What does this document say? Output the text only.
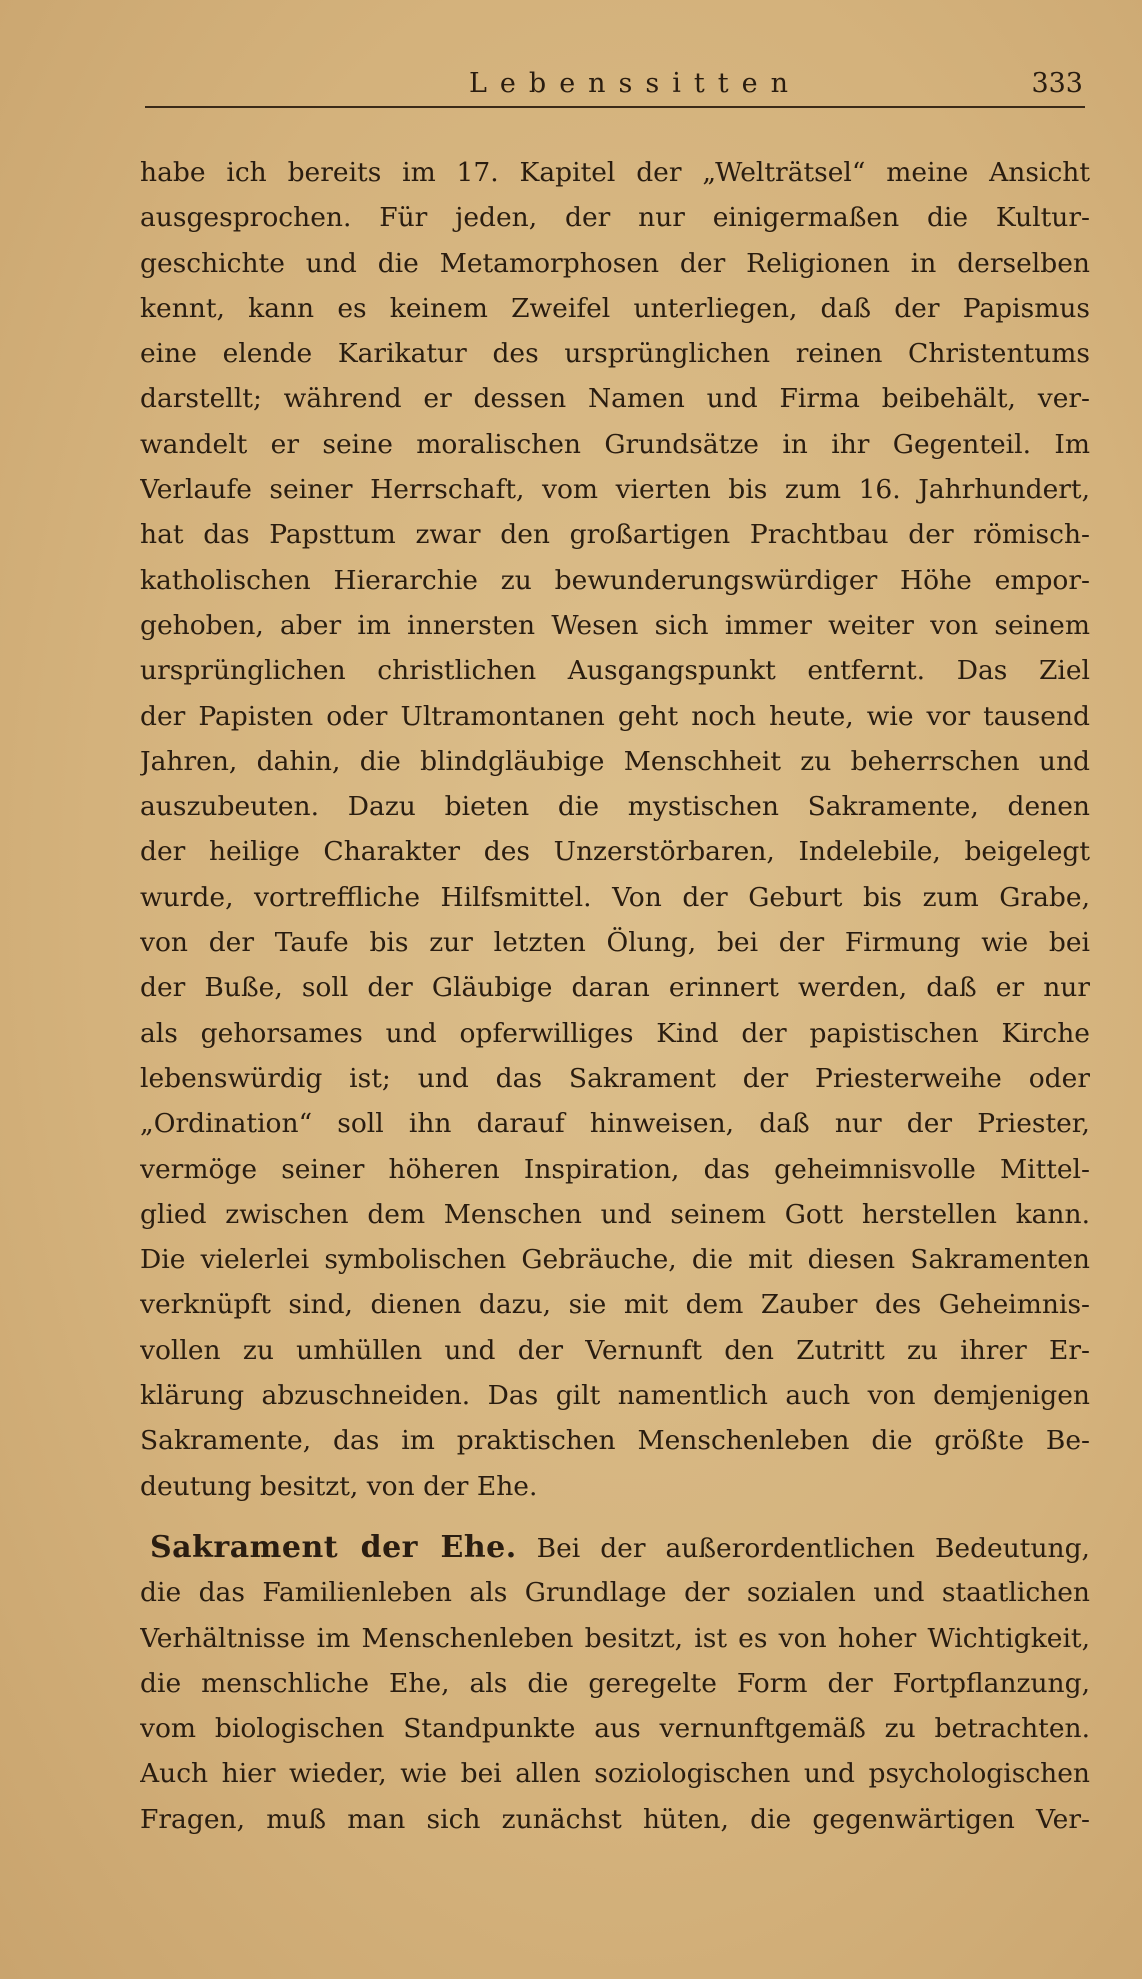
Lebenssitten	333
habe ich bereits im 17. Kapitel der „Welträtsel“ meine Ansicht
ausgesprochen. Für jeden, der nur einigermaßen die Kultur-
geschichte und die Metamorphosen der Religionen in derselben
kennt, kann es keinem Zweifel unterliegen, daß der Papismus
eine elende Karikatur des ursprünglichen reinen Christentums
darstellt; während er dessen Namen und Firma beibehält, ver-
wandelt er seine moralischen Grundsätze in ihr Gegenteil. Im
Verlaufe seiner Herrschaft, vom vierten bis zum 16. Jahrhundert,
hat das Papsttum zwar den großartigen Prachtbau der römisch-
katholischen Hierarchie zu bewunderungswürdiger Höhe empor-
gehoben, aber im innersten Wesen sich immer weiter von seinem
ursprünglichen christlichen Ausgangspunkt entfernt. Das Ziel
der Papisten oder Ultramontanen geht noch heute, wie vor tausend
Jahren, dahin, die blindgläubige Menschheit zu beherrschen und
auszubeuten. Dazu bieten die mystischen Sakramente, denen
der heilige Charakter des Unzerstörbaren, Indelebile, beigelegt
wurde, vortreffliche Hilfsmittel. Von der Geburt bis zum Grabe,
von der Taufe bis zur letzten Ölung, bei der Firmung wie bei
der Buße, soll der Gläubige daran erinnert werden, daß er nur
als gehorsames und opferwilliges Kind der papistischen Kirche
lebenswürdig ist; und das Sakrament der Priesterweihe oder
„Ordination“ soll ihn darauf hinweisen, daß nur der Priester,
vermöge seiner höheren Inspiration, das geheimnisvolle Mittel-
glied zwischen dem Menschen und seinem Gott herstellen kann.
Die vielerlei symbolischen Gebräuche, die mit diesen Sakramenten
verknüpft sind, dienen dazu, sie mit dem Zauber des Geheimnis-
vollen zu umhüllen und der Vernunft den Zutritt zu ihrer Er-
klärung abzuschneiden. Das gilt namentlich auch von demjenigen
Sakramente, das im praktischen Menschenleben die größte Be-
deutung besitzt, von der Ehe.
Sakrament der Ehe. Bei der außerordentlichen Bedeutung,
die das Familienleben als Grundlage der sozialen und staatlichen
Verhältnisse im Menschenleben besitzt, ist es von hoher Wichtigkeit,
die menschliche Ehe, als die geregelte Form der Fortpflanzung,
vom biologischen Standpunkte aus vernunftgemäß zu betrachten.
Auch hier wieder, wie bei allen soziologischen und psychologischen
Fragen, muß man sich zunächst hüten, die gegenwärtigen Ver-
